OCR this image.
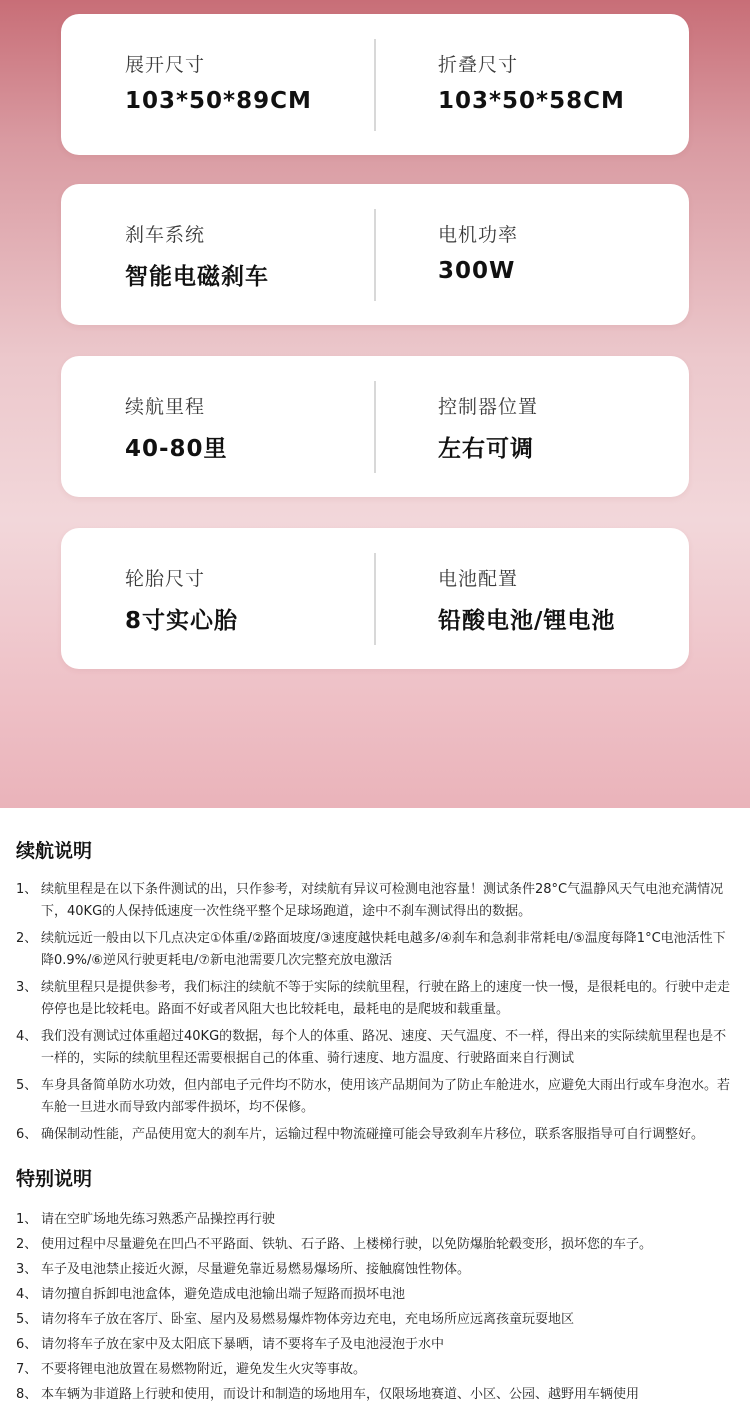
展开尺寸
103*50*89CM
折叠尺寸
103*50*58CM
刹车系统
智能电磁刹车
电机功率
300W
续航里程
40-80里
控制器位置
左右可调
轮胎尺寸
8寸实心胎
电池配置
铅酸电池/锂电池
续航说明
1、 续航里程是在以下条件测试的出，只作参考，对续航有异议可检测电池容量！测试条件28°C气温静风天气电池充满情况下，40KG的人保持低速度一次性绕平整个足球场跑道，途中不刹车测试得出的数据。
2、 续航远近一般由以下几点决定①体重/②路面坡度/③速度越快耗电越多/④刹车和急刹非常耗电/⑤温度每降1°C电池活性下降0.9%/⑥逆风行驶更耗电/⑦新电池需要几次完整充放电激活
3、 续航里程只是提供参考，我们标注的续航不等于实际的续航里程，行驶在路上的速度一快一慢，是很耗电的。行驶中走走停停也是比较耗电。路面不好或者风阻大也比较耗电，最耗电的是爬坡和载重量。
4、 我们没有测试过体重超过40KG的数据，每个人的体重、路况、速度、天气温度、不一样，得出来的实际续航里程也是不一样的，实际的续航里程还需要根据自己的体重、骑行速度、地方温度、行驶路面来自行测试
5、 车身具备简单防水功效，但内部电子元件均不防水，使用该产品期间为了防止车舱进水，应避免大雨出行或车身泡水。若车舱一旦进水而导致内部零件损坏，均不保修。
6、 确保制动性能，产品使用宽大的刹车片，运输过程中物流碰撞可能会导致刹车片移位，联系客服指导可自行调整好。
特别说明
1、 请在空旷场地先练习熟悉产品操控再行驶
2、 使用过程中尽量避免在凹凸不平路面、铁轨、石子路、上楼梯行驶，以免防爆胎轮毂变形，损坏您的车子。
3、 车子及电池禁止接近火源，尽量避免靠近易燃易爆场所、接触腐蚀性物体。
4、 请勿擅自拆卸电池盒体，避免造成电池输出端子短路而损坏电池
5、 请勿将车子放在客厅、卧室、屋内及易燃易爆炸物体旁边充电，充电场所应远离孩童玩耍地区
6、 请勿将车子放在家中及太阳底下暴晒，请不要将车子及电池浸泡于水中
7、 不要将锂电池放置在易燃物附近，避免发生火灾等事故。
8、 本车辆为非道路上行驶和使用，而设计和制造的场地用车，仅限场地赛道、小区、公园、越野用车辆使用
